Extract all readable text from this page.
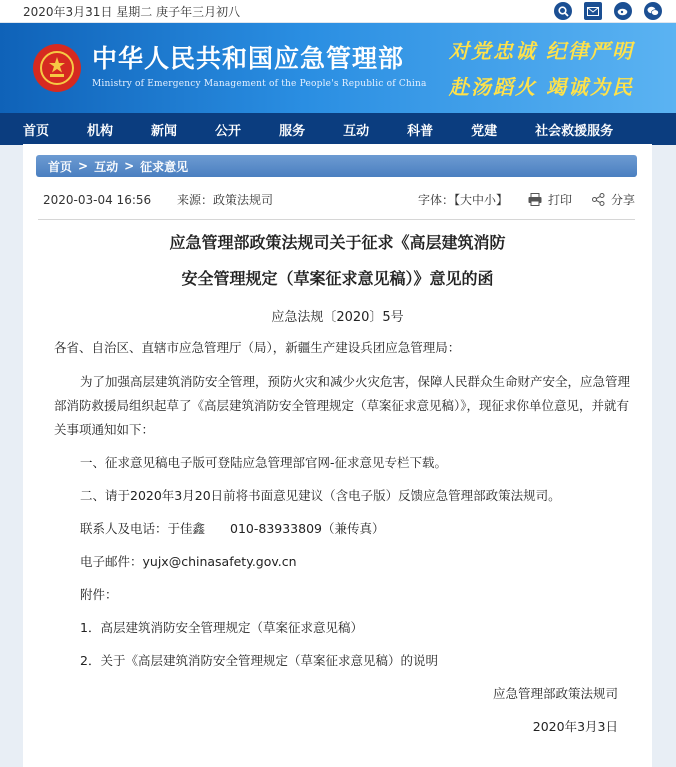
2020年3月31日 星期二 庚子年三月初八
中华人民共和国应急管理部
Ministry of Emergency Management of the People's Republic of China
对党忠诚 纪律严明
赴汤蹈火 竭诚为民
首页	机构	新闻	公开	服务	互动	科普	党建	社会救援服务
首页 > 互动 > 征求意见
2020-03-04 16:56 来源：政策法规司	字体：【大中小】	打印	分享
应急管理部政策法规司关于征求《高层建筑消防
安全管理规定（草案征求意见稿）》意见的函
应急法规〔2020〕5号

各省、自治区、直辖市应急管理厅（局），新疆生产建设兵团应急管理局：

为了加强高层建筑消防安全管理，预防火灾和减少火灾危害，保障人民群众生命财产安全，应急管理部消防救援局组织起草了《高层建筑消防安全管理规定（草案征求意见稿）》，现征求你单位意见，并就有关事项通知如下：

一、征求意见稿电子版可登陆应急管理部官网-征求意见专栏下载。

二、请于2020年3月20日前将书面意见建议（含电子版）反馈应急管理部政策法规司。

联系人及电话：于佳鑫　　010-83933809（兼传真）

电子邮件：yujx@chinasafety.gov.cn

附件：

1．高层建筑消防安全管理规定（草案征求意见稿）

2．关于《高层建筑消防安全管理规定（草案征求意见稿）的说明

应急管理部政策法规司

2020年3月3日
